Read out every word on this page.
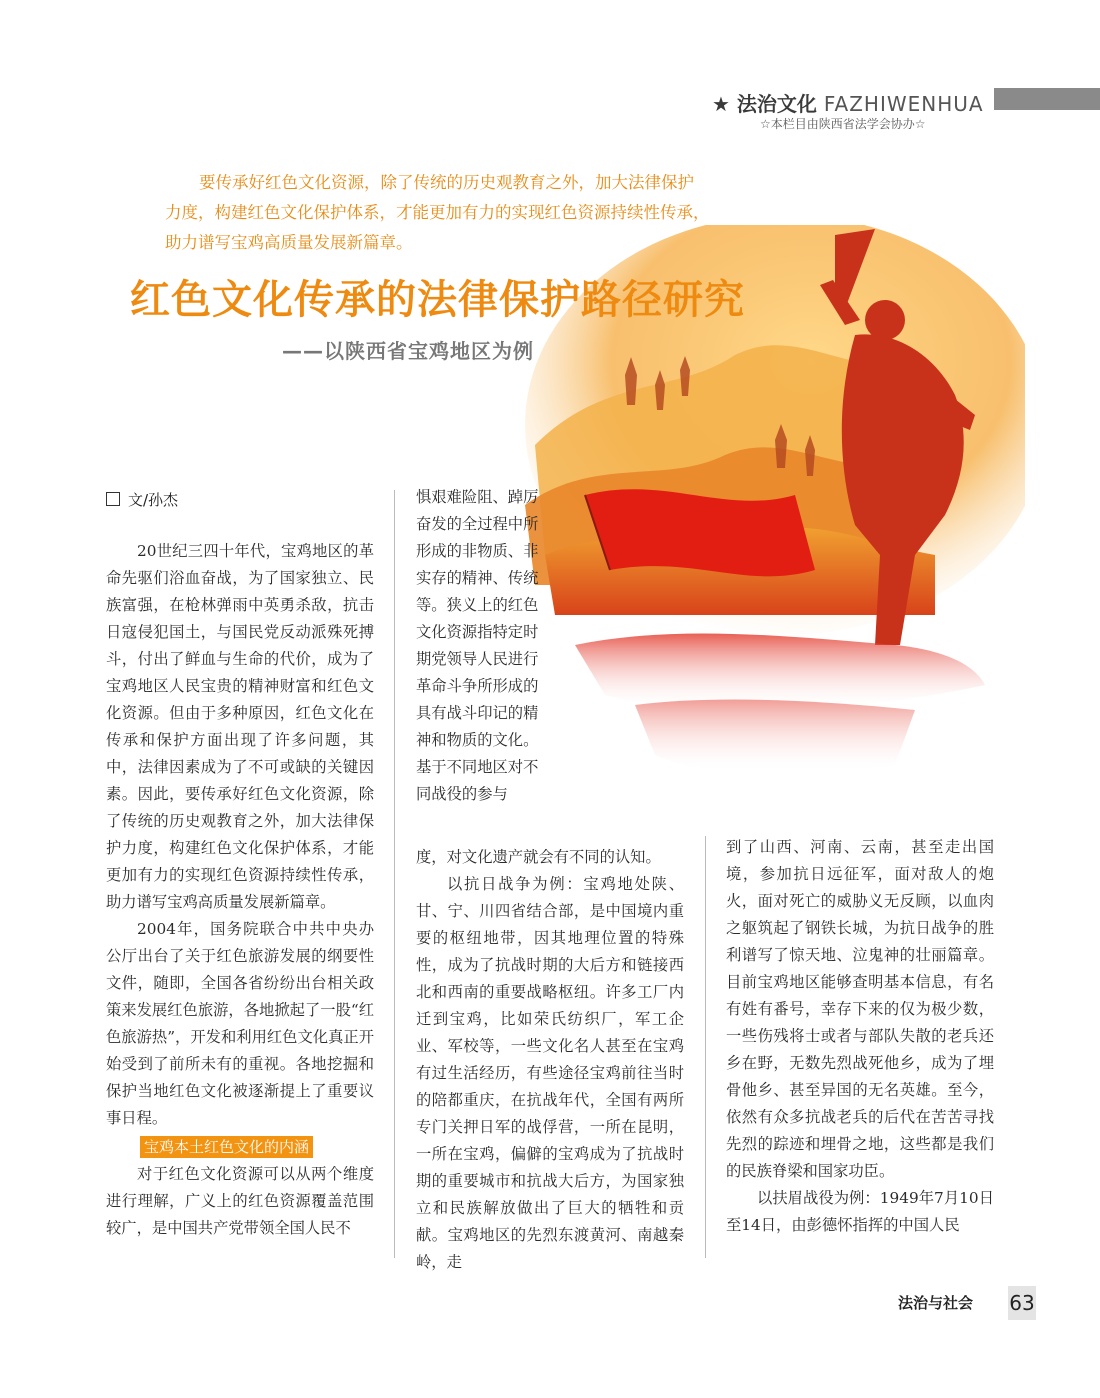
★ 法治文化 FAZHIWENHUA
☆本栏目由陕西省法学会协办☆

要传承好红色文化资源，除了传统的历史观教育之外，加大法律保护力度，构建红色文化保护体系，才能更加有力的实现红色资源持续性传承，助力谱写宝鸡高质量发展新篇章。

红色文化传承的法律保护路径研究
——以陕西省宝鸡地区为例
文/孙杰

20世纪三四十年代，宝鸡地区的革命先驱们浴血奋战，为了国家独立、民族富强，在枪林弹雨中英勇杀敌，抗击日寇侵犯国土，与国民党反动派殊死搏斗，付出了鲜血与生命的代价，成为了宝鸡地区人民宝贵的精神财富和红色文化资源。但由于多种原因，红色文化在传承和保护方面出现了许多问题，其中，法律因素成为了不可或缺的关键因素。因此，要传承好红色文化资源，除了传统的历史观教育之外，加大法律保护力度，构建红色文化保护体系，才能更加有力的实现红色资源持续性传承，助力谱写宝鸡高质量发展新篇章。

2004年，国务院联合中共中央办公厅出台了关于红色旅游发展的纲要性文件，随即，全国各省纷纷出台相关政策来发展红色旅游，各地掀起了一股“红色旅游热”，开发和利用红色文化真正开始受到了前所未有的重视。各地挖掘和保护当地红色文化被逐渐提上了重要议事日程。

宝鸡本土红色文化的内涵

对于红色文化资源可以从两个维度进行理解，广义上的红色资源覆盖范围较广，是中国共产党带领全国人民不

惧艰难险阻、踔厉奋发的全过程中所形成的非物质、非实存的精神、传统等。狭义上的红色文化资源指特定时期党领导人民进行革命斗争所形成的具有战斗印记的精神和物质的文化。基于不同地区对不同战役的参与

度，对文化遗产就会有不同的认知。

以抗日战争为例：宝鸡地处陕、甘、宁、川四省结合部，是中国境内重要的枢纽地带，因其地理位置的特殊性，成为了抗战时期的大后方和链接西北和西南的重要战略枢纽。许多工厂内迁到宝鸡，比如荣氏纺织厂，军工企业、军校等，一些文化名人甚至在宝鸡有过生活经历，有些途径宝鸡前往当时的陪都重庆，在抗战年代，全国有两所专门关押日军的战俘营，一所在昆明，一所在宝鸡，偏僻的宝鸡成为了抗战时期的重要城市和抗战大后方，为国家独立和民族解放做出了巨大的牺牲和贡献。宝鸡地区的先烈东渡黄河、南越秦岭，走

到了山西、河南、云南，甚至走出国境，参加抗日远征军，面对敌人的炮火，面对死亡的威胁义无反顾，以血肉之躯筑起了钢铁长城，为抗日战争的胜利谱写了惊天地、泣鬼神的壮丽篇章。目前宝鸡地区能够查明基本信息，有名有姓有番号，幸存下来的仅为极少数，一些伤残将士或者与部队失散的老兵还乡在野，无数先烈战死他乡，成为了埋骨他乡、甚至异国的无名英雄。至今，依然有众多抗战老兵的后代在苦苦寻找先烈的踪迹和埋骨之地，这些都是我们的民族脊梁和国家功臣。

以扶眉战役为例：1949年7月10日至14日，由彭德怀指挥的中国人民

法治与社会 63
